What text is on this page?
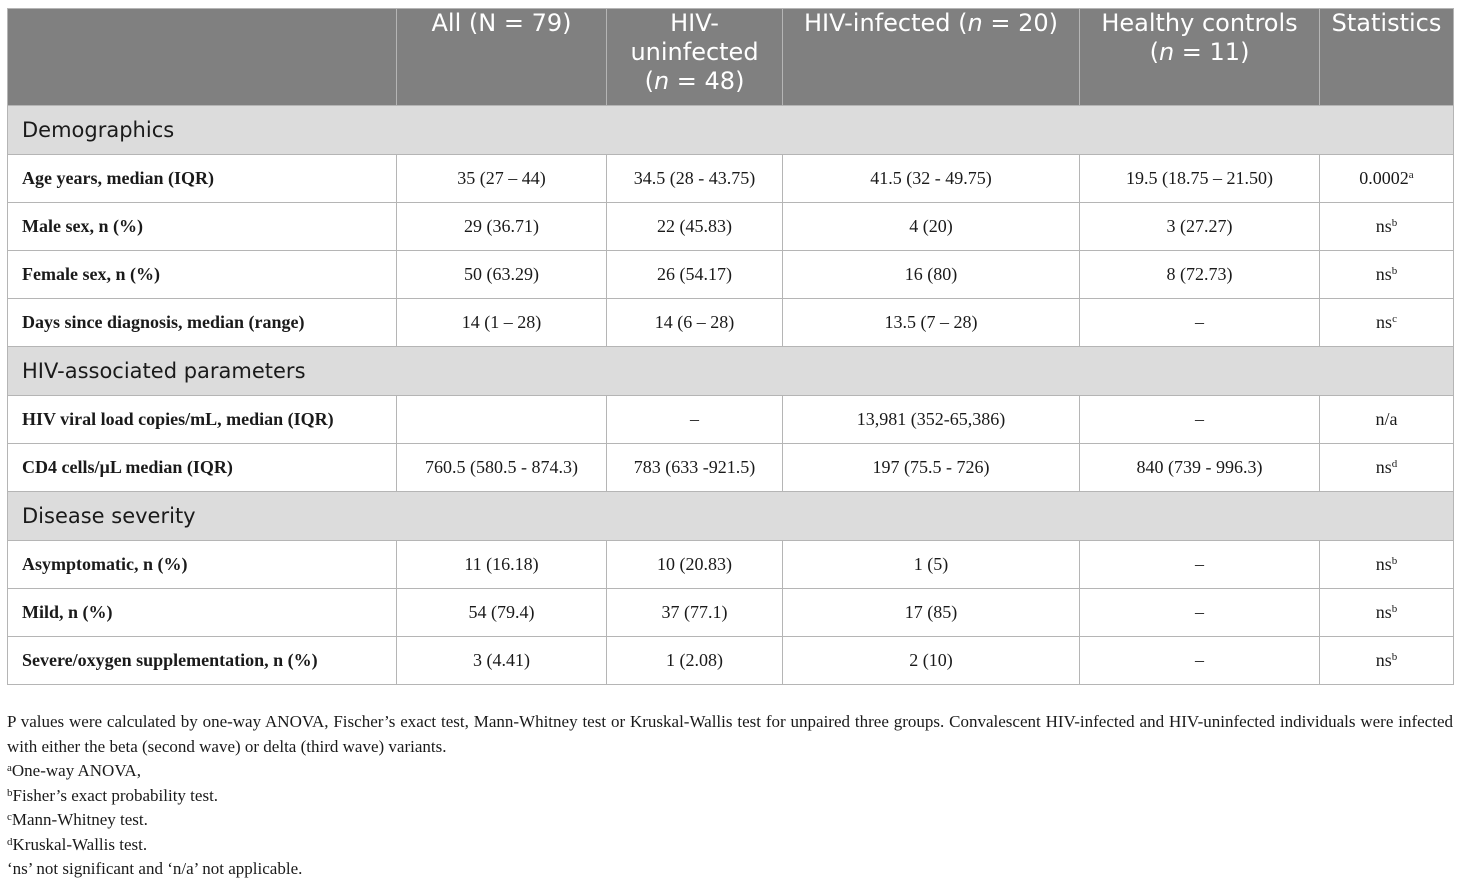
	All (N = 79)	HIV-
uninfected
(n = 48)	HIV-infected (n = 20)	Healthy controls
(n = 11)	Statistics
Demographics					
Age years, median (IQR)	35 (27 – 44)	34.5 (28 - 43.75)	41.5 (32 - 49.75)	19.5 (18.75 – 21.50)	0.0002$^a$
Male sex, n (%)	29 (36.71)	22 (45.83)	4 (20)	3 (27.27)	$ns^b$
Female sex, n (%)	50 (63.29)	26 (54.17)	16 (80)	8 (72.73)	$ns^b$
Days since diagnosis, median (range)	14 (1 – 28)	14 (6 – 28)	13.5 (7 – 28)	–	$ns^c$
HIV-associated parameters					
HIV viral load copies/mL, median (IQR)		–	13,981 (352-65,386)	–	n/a
CD4 cells/µL median (IQR)	760.5 (580.5 - 874.3)	783 (633 -921.5)	197 (75.5 - 726)	840 (739 - 996.3)	$ns^d$
Disease severity					
Asymptomatic, n (%)	11 (16.18)	10 (20.83)	1 (5)	–	$ns^b$
Mild, n (%)	54 (79.4)	37 (77.1)	17 (85)	–	$ns^b$
Severe/oxygen supplementation, n (%)	3 (4.41)	1 (2.08)	2 (10)	–	$ns^b$

P values were calculated by one-way ANOVA, Fischer’s exact test, Mann-Whitney test or Kruskal-Wallis test for unpaired three groups. Convalescent HIV-infected and HIV-uninfected individuals were infected with either the beta (second wave) or delta (third wave) variants.

$^a$One-way ANOVA,

$^b$Fisher’s exact probability test.

$^c$Mann-Whitney test.

$^d$Kruskal-Wallis test.

‘ns’ not significant and ‘n/a’ not applicable.
